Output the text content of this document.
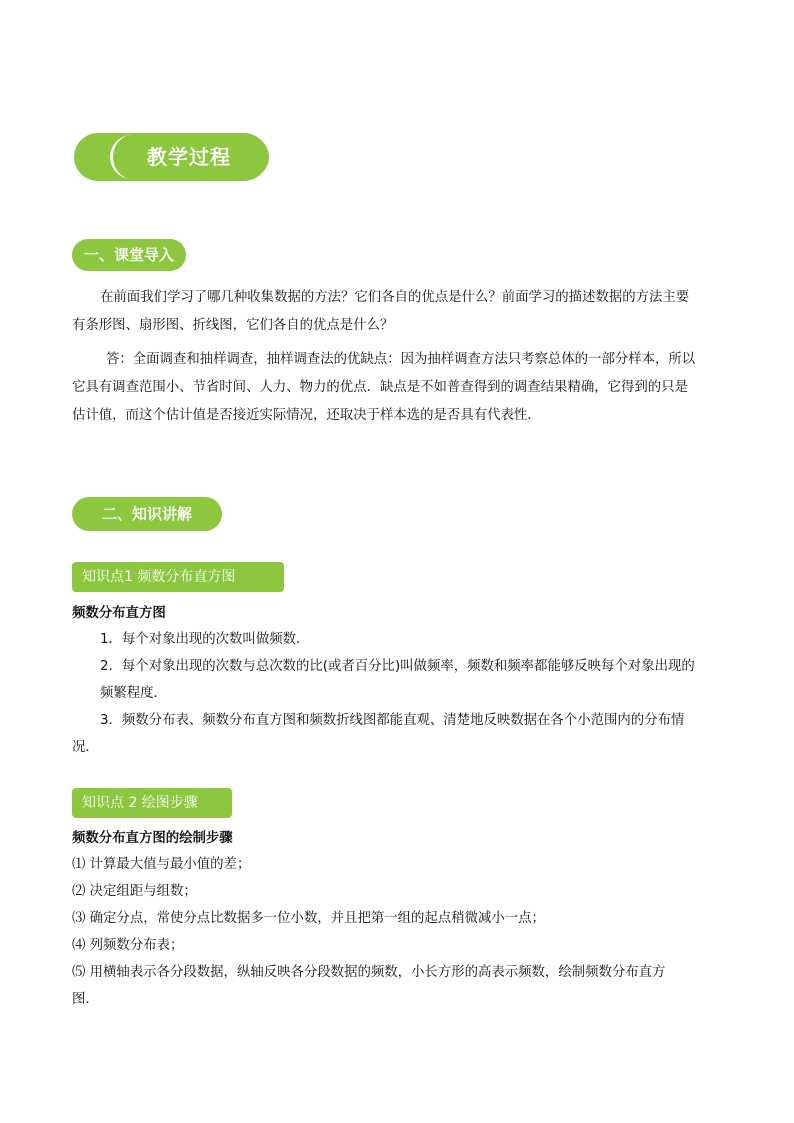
教学过程
一、课堂导入
在前面我们学习了哪几种收集数据的方法？它们各自的优点是什么？前面学习的描述数据的方法主要
有条形图、扇形图、折线图，它们各自的优点是什么？
答：全面调查和抽样调查，抽样调查法的优缺点：因为抽样调查方法只考察总体的一部分样本，所以
它具有调查范围小、节省时间、人力、物力的优点．缺点是不如普查得到的调查结果精确，它得到的只是
估计值，而这个估计值是否接近实际情况，还取决于样本选的是否具有代表性．
二、知识讲解
知识点1 频数分布直方图
频数分布直方图
1．每个对象出现的次数叫做频数．
2．每个对象出现的次数与总次数的比(或者百分比)叫做频率，频数和频率都能够反映每个对象出现的
频繁程度．
3．频数分布表、频数分布直方图和频数折线图都能直观、清楚地反映数据在各个小范围内的分布情
况．
知识点 2 绘图步骤
频数分布直方图的绘制步骤
⑴ 计算最大值与最小值的差；
⑵ 决定组距与组数；
⑶ 确定分点，常使分点比数据多一位小数，并且把第一组的起点稍微减小一点；
⑷ 列频数分布表；
⑸ 用横轴表示各分段数据，纵轴反映各分段数据的频数，小长方形的高表示频数，绘制频数分布直方
图．
